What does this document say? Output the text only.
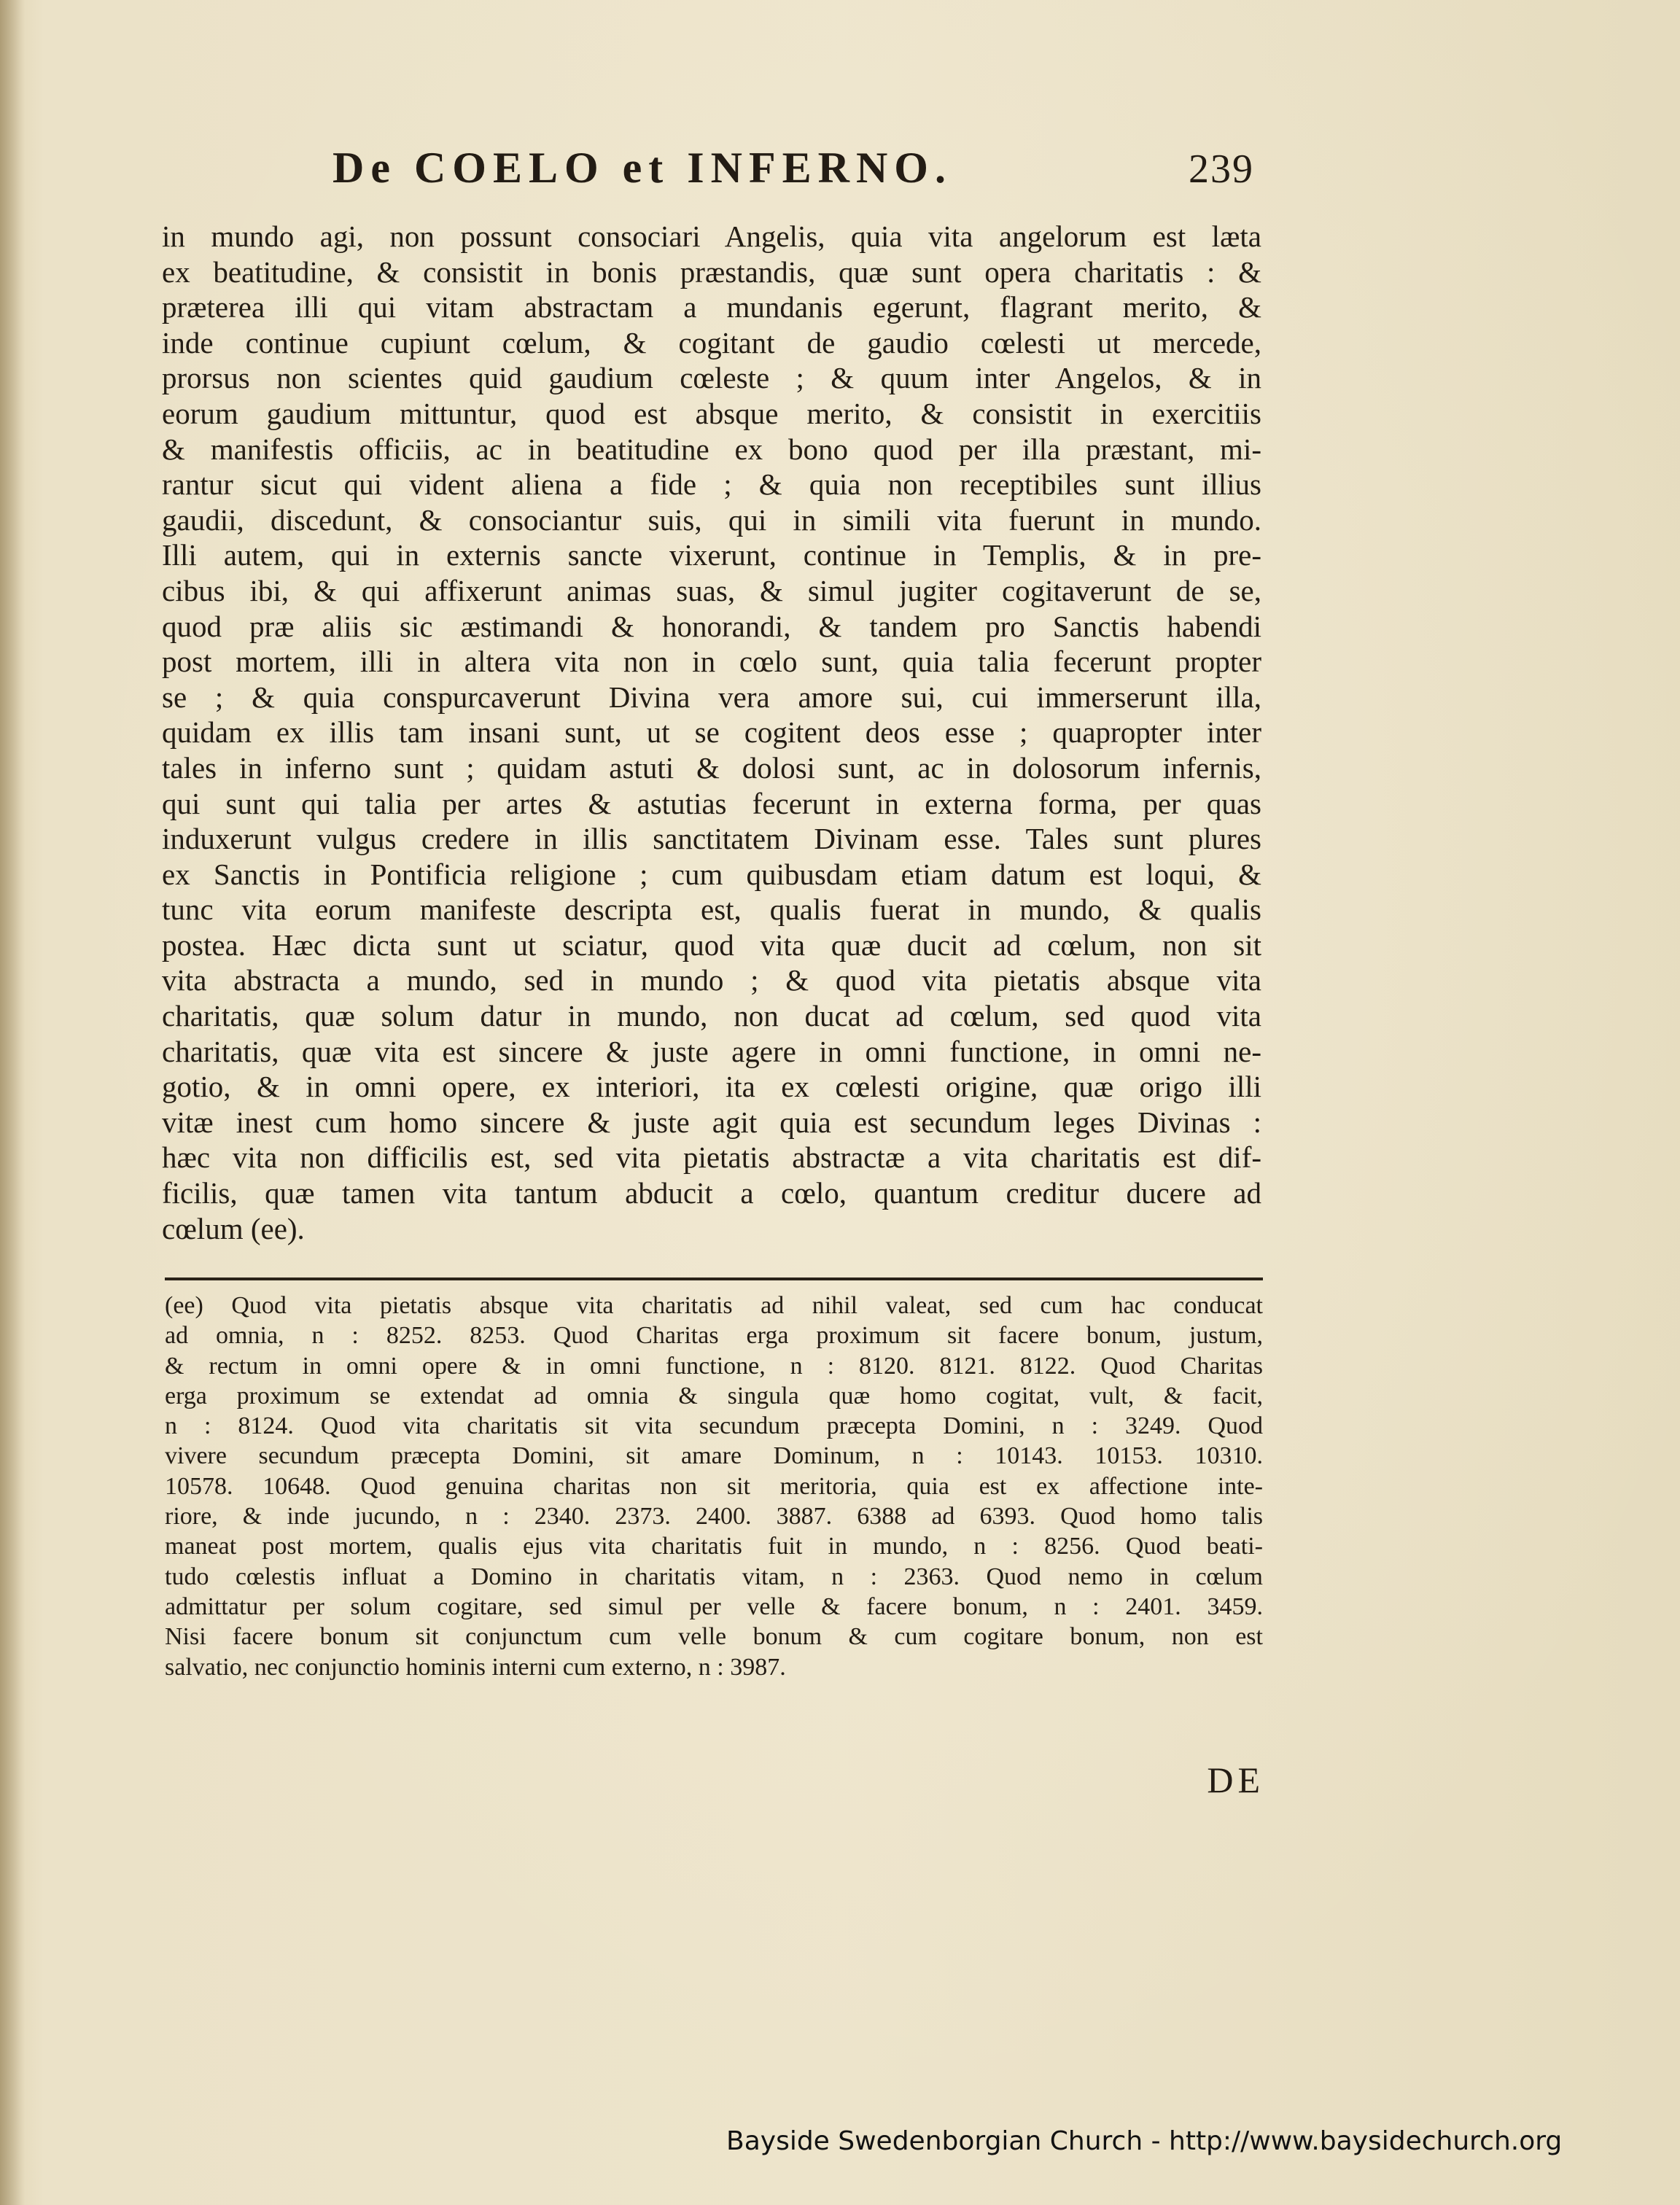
De COELO et INFERNO.	239
in mundo agi, non possunt consociari Angelis, quia vita angelorum est læta
ex beatitudine, & consistit in bonis præstandis, quæ sunt opera charitatis : &
præterea illi qui vitam abstractam a mundanis egerunt, flagrant merito, &
inde continue cupiunt cœlum, & cogitant de gaudio cœlesti ut mercede,
prorsus non scientes quid gaudium cœleste ; & quum inter Angelos, & in
eorum gaudium mittuntur, quod est absque merito, & consistit in exercitiis
& manifestis officiis, ac in beatitudine ex bono quod per illa præstant, mi-
rantur sicut qui vident aliena a fide ; & quia non receptibiles sunt illius
gaudii, discedunt, & consociantur suis, qui in simili vita fuerunt in mundo.
Illi autem, qui in externis sancte vixerunt, continue in Templis, & in pre-
cibus ibi, & qui affixerunt animas suas, & simul jugiter cogitaverunt de se,
quod præ aliis sic æstimandi & honorandi, & tandem pro Sanctis habendi
post mortem, illi in altera vita non in cœlo sunt, quia talia fecerunt propter
se ; & quia conspurcaverunt Divina vera amore sui, cui immerserunt illa,
quidam ex illis tam insani sunt, ut se cogitent deos esse ; quapropter inter
tales in inferno sunt ; quidam astuti & dolosi sunt, ac in dolosorum infernis,
qui sunt qui talia per artes & astutias fecerunt in externa forma, per quas
induxerunt vulgus credere in illis sanctitatem Divinam esse. Tales sunt plures
ex Sanctis in Pontificia religione ; cum quibusdam etiam datum est loqui, &
tunc vita eorum manifeste descripta est, qualis fuerat in mundo, & qualis
postea. Hæc dicta sunt ut sciatur, quod vita quæ ducit ad cœlum, non sit
vita abstracta a mundo, sed in mundo ; & quod vita pietatis absque vita
charitatis, quæ solum datur in mundo, non ducat ad cœlum, sed quod vita
charitatis, quæ vita est sincere & juste agere in omni functione, in omni ne-
gotio, & in omni opere, ex interiori, ita ex cœlesti origine, quæ origo illi
vitæ inest cum homo sincere & juste agit quia est secundum leges Divinas :
hæc vita non difficilis est, sed vita pietatis abstractæ a vita charitatis est dif-
ficilis, quæ tamen vita tantum abducit a cœlo, quantum creditur ducere ad
cœlum (ee).
(ee) Quod vita pietatis absque vita charitatis ad nihil valeat, sed cum hac conducat
ad omnia, n : 8252. 8253. Quod Charitas erga proximum sit facere bonum, justum,
& rectum in omni opere & in omni functione, n : 8120. 8121. 8122. Quod Charitas
erga proximum se extendat ad omnia & singula quæ homo cogitat, vult, & facit,
n : 8124. Quod vita charitatis sit vita secundum præcepta Domini, n : 3249. Quod
vivere secundum præcepta Domini, sit amare Dominum, n : 10143. 10153. 10310.
10578. 10648. Quod genuina charitas non sit meritoria, quia est ex affectione inte-
riore, & inde jucundo, n : 2340. 2373. 2400. 3887. 6388 ad 6393. Quod homo talis
maneat post mortem, qualis ejus vita charitatis fuit in mundo, n : 8256. Quod beati-
tudo cœlestis influat a Domino in charitatis vitam, n : 2363. Quod nemo in cœlum
admittatur per solum cogitare, sed simul per velle & facere bonum, n : 2401. 3459.
Nisi facere bonum sit conjunctum cum velle bonum & cum cogitare bonum, non est
salvatio, nec conjunctio hominis interni cum externo, n : 3987.
DE
Bayside Swedenborgian Church - http://www.baysidechurch.org
